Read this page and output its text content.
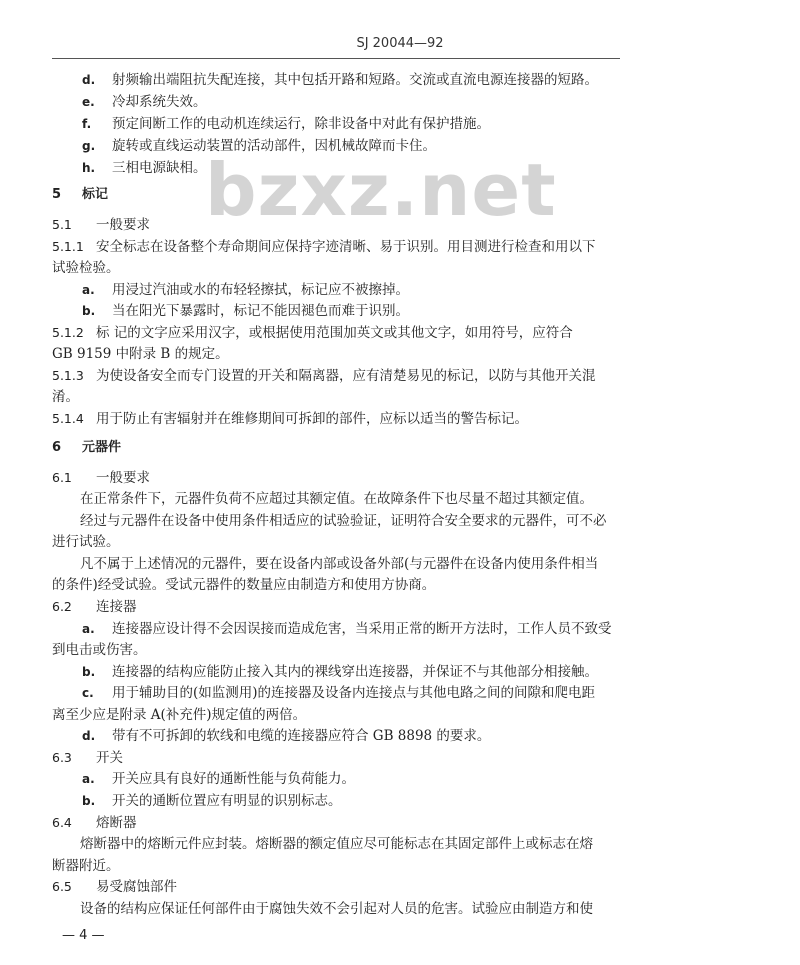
SJ 20044—92
bzxz.net
d. 射频输出端阻抗失配连接，其中包括开路和短路。交流或直流电源连接器的短路。
e. 冷却系统失效。
f. 预定间断工作的电动机连续运行，除非设备中对此有保护措施。
g. 旋转或直线运动装置的活动部件，因机械故障而卡住。
h. 三相电源缺相。
5 标记
5.1 一般要求
5.1.1 安全标志在设备整个寿命期间应保持字迹清晰、易于识别。用目测进行检查和用以下
试验检验。
a. 用浸过汽油或水的布轻轻擦拭，标记应不被擦掉。
b. 当在阳光下暴露时，标记不能因褪色而难于识别。
5.1.2 标 记的文字应采用汉字，或根据使用范围加英文或其他文字，如用符号，应符合
GB 9159 中附录 B 的规定。
5.1.3 为使设备安全而专门设置的开关和隔离器，应有清楚易见的标记，以防与其他开关混
淆。
5.1.4 用于防止有害辐射并在维修期间可拆卸的部件，应标以适当的警告标记。
6 元器件
6.1 一般要求
在正常条件下，元器件负荷不应超过其额定值。在故障条件下也尽量不超过其额定值。
经过与元器件在设备中使用条件相适应的试验验证，证明符合安全要求的元器件，可不必
进行试验。
凡不属于上述情况的元器件，要在设备内部或设备外部(与元器件在设备内使用条件相当
的条件)经受试验。受试元器件的数量应由制造方和使用方协商。
6.2 连接器
a. 连接器应设计得不会因误接而造成危害，当采用正常的断开方法时，工作人员不致受
到电击或伤害。
b. 连接器的结构应能防止接入其内的裸线穿出连接器，并保证不与其他部分相接触。
c. 用于辅助目的(如监测用)的连接器及设备内连接点与其他电路之间的间隙和爬电距
离至少应是附录 A(补充件)规定值的两倍。
d. 带有不可拆卸的软线和电缆的连接器应符合 GB 8898 的要求。
6.3 开关
a. 开关应具有良好的通断性能与负荷能力。
b. 开关的通断位置应有明显的识别标志。
6.4 熔断器
熔断器中的熔断元件应封装。熔断器的额定值应尽可能标志在其固定部件上或标志在熔
断器附近。
6.5 易受腐蚀部件
设备的结构应保证任何部件由于腐蚀失效不会引起对人员的危害。试验应由制造方和使
— 4 —
